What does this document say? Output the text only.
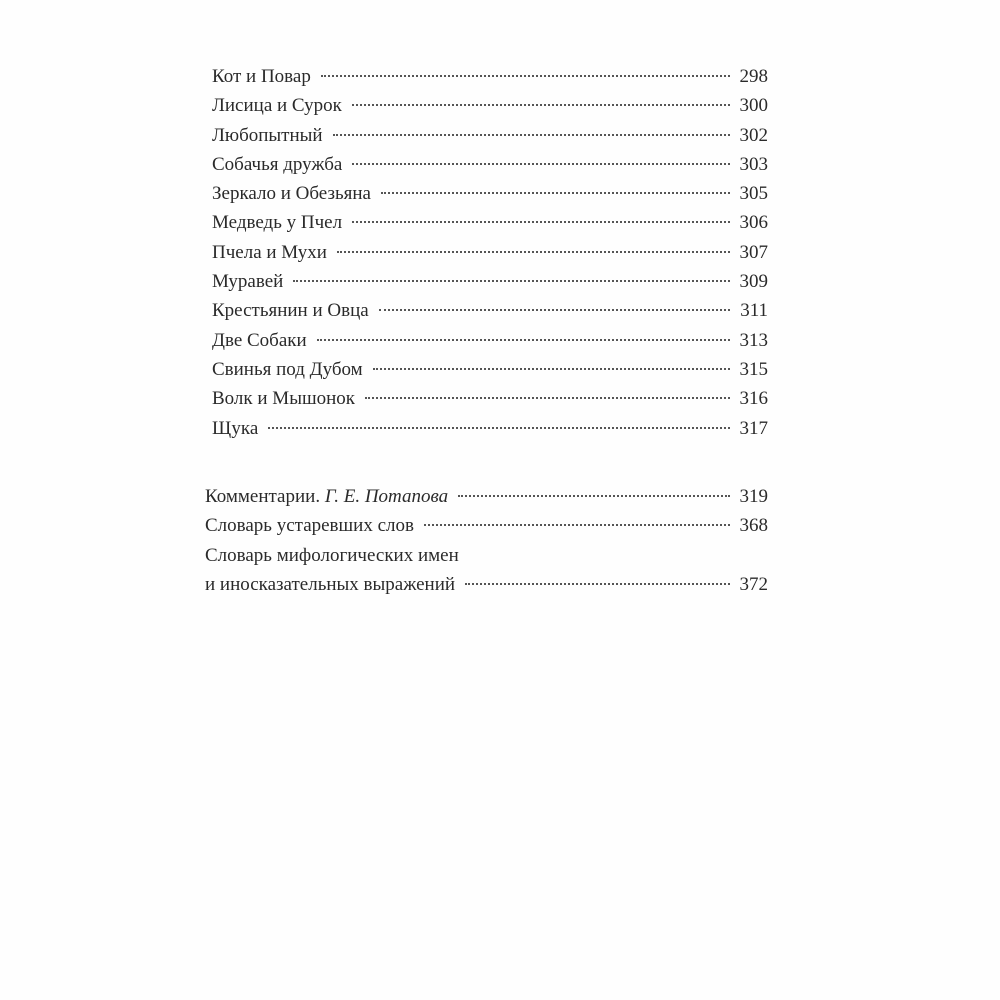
Кот и Повар	298
Лисица и Сурок	300
Любопытный	302
Собачья дружба	303
Зеркало и Обезьяна	305
Медведь у Пчел	306
Пчела и Мухи	307
Муравей	309
Крестьянин и Овца	311
Две Собаки	313
Свинья под Дубом	315
Волк и Мышонок	316
Щука	317
Комментарии. Г. Е. Потапова	319
Словарь устаревших слов	368
Словарь мифологических имен
и иносказательных выражений	372
